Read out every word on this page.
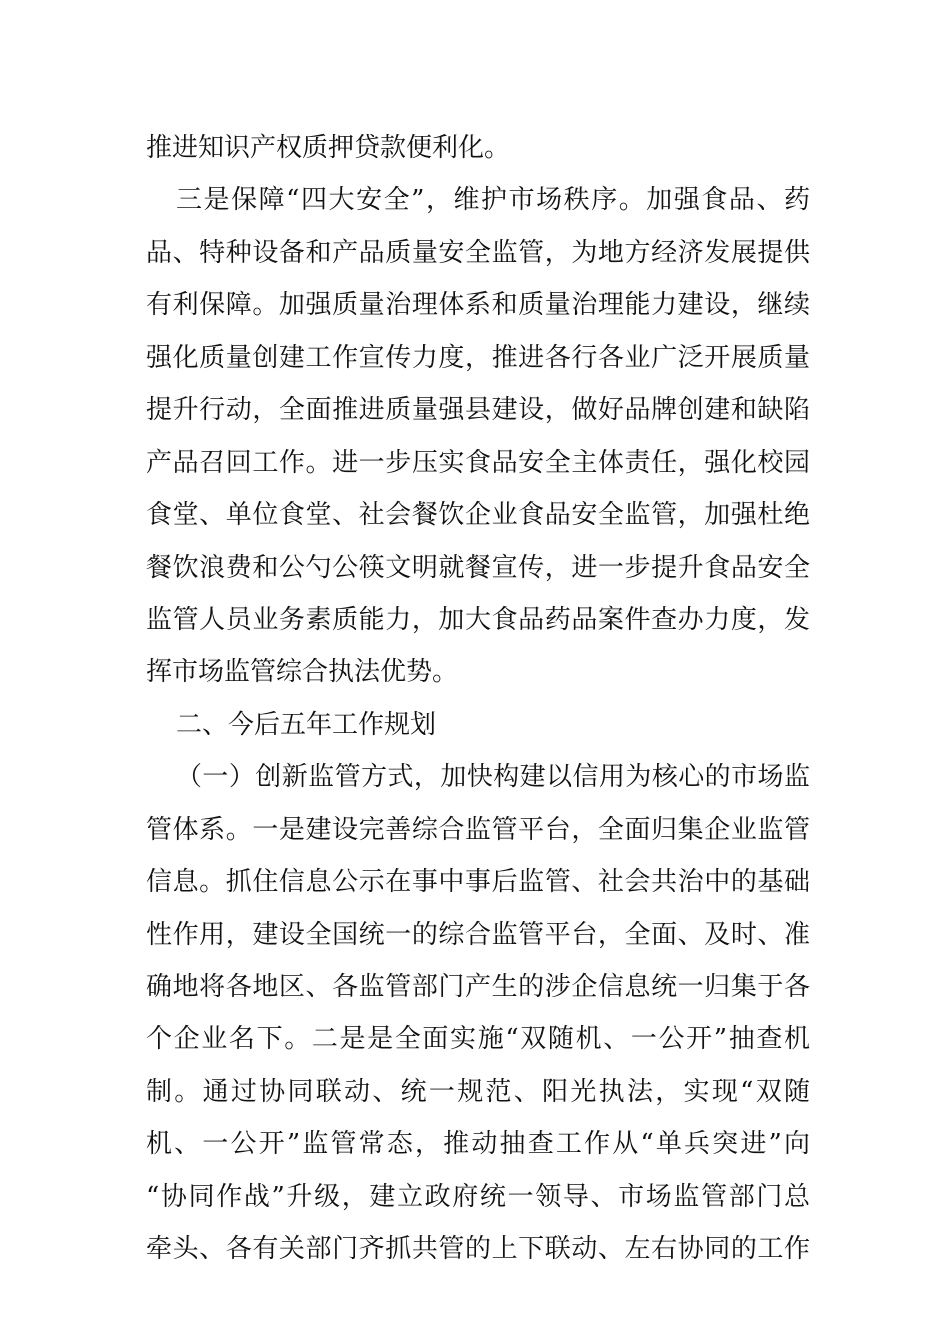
推进知识产权质押贷款便利化。
三是保障“四大安全”，维护市场秩序。加强食品、药
品、特种设备和产品质量安全监管，为地方经济发展提供
有利保障。加强质量治理体系和质量治理能力建设，继续
强化质量创建工作宣传力度，推进各行各业广泛开展质量
提升行动，全面推进质量强县建设，做好品牌创建和缺陷
产品召回工作。进一步压实食品安全主体责任，强化校园
食堂、单位食堂、社会餐饮企业食品安全监管，加强杜绝
餐饮浪费和公勺公筷文明就餐宣传，进一步提升食品安全
监管人员业务素质能力，加大食品药品案件查办力度，发
挥市场监管综合执法优势。
二、今后五年工作规划
（一）创新监管方式，加快构建以信用为核心的市场监
管体系。一是建设完善综合监管平台，全面归集企业监管
信息。抓住信息公示在事中事后监管、社会共治中的基础
性作用，建设全国统一的综合监管平台，全面、及时、准
确地将各地区、各监管部门产生的涉企信息统一归集于各
个企业名下。二是是全面实施“双随机、一公开”抽查机
制。通过协同联动、统一规范、阳光执法，实现“双随
机、一公开”监管常态，推动抽查工作从“单兵突进”向
“协同作战”升级，建立政府统一领导、市场监管部门总
牵头、各有关部门齐抓共管的上下联动、左右协同的工作
